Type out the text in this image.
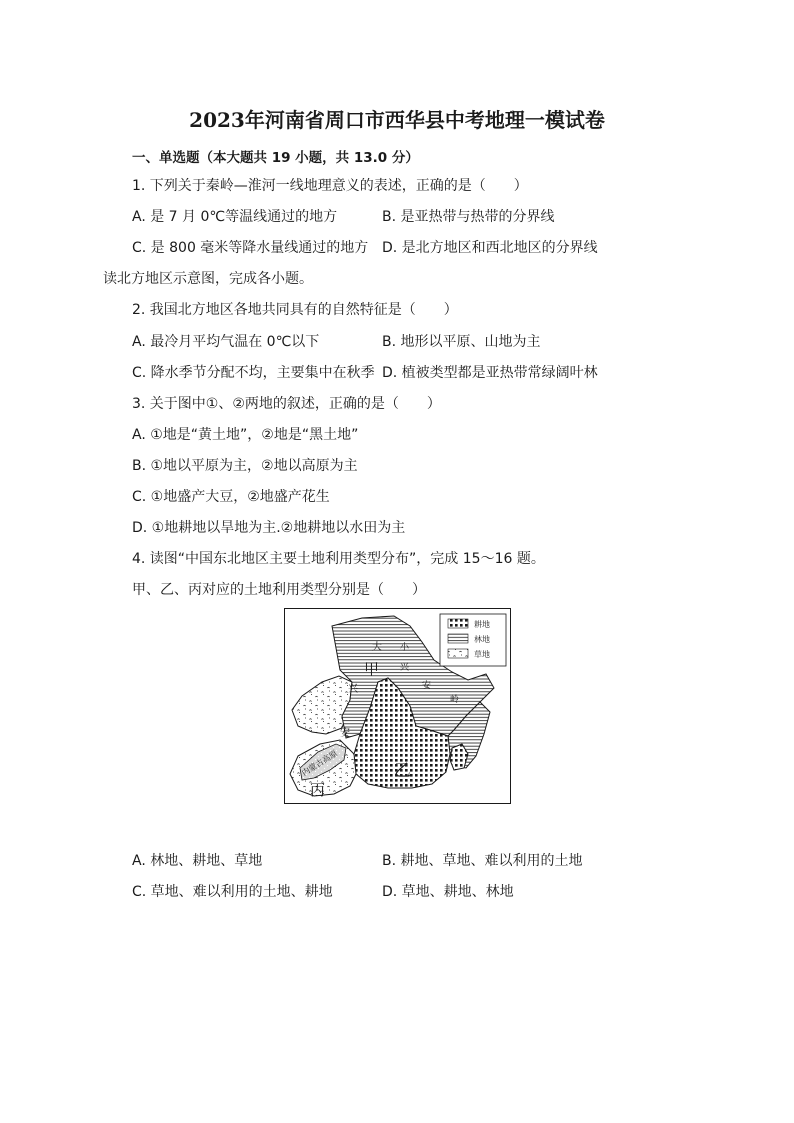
2023年河南省周口市西华县中考地理一模试卷
一、单选题（本大题共 19 小题，共 13.0 分）
1. 下列关于秦岭—淮河一线地理意义的表述，正确的是（　　）
A. 是 7 月 0℃等温线通过的地方	B. 是亚热带与热带的分界线
C. 是 800 毫米等降水量线通过的地方 D. 是北方地区和西北地区的分界线
读北方地区示意图，完成各小题。
2. 我国北方地区各地共同具有的自然特征是（　　）
A. 最冷月平均气温在 0℃以下	B. 地形以平原、山地为主
C. 降水季节分配不均，主要集中在秋季 D. 植被类型都是亚热带常绿阔叶林
3. 关于图中①、②两地的叙述，正确的是（　　）
A. ①地是“黄土地”，②地是“黑土地”
B. ①地以平原为主，②地以高原为主
C. ①地盛产大豆，②地盛产花生
D. ①地耕地以旱地为主.②地耕地以水田为主
4. 读图“中国东北地区主要土地利用类型分布”，完成 15～16 题。
甲、乙、丙对应的土地利用类型分别是（　　）
耕地
林地
草地
甲
乙
丙
大 小
兴
兴	安
岭
安
内蒙古高原
A. 林地、耕地、草地	B. 耕地、草地、难以利用的土地
C. 草地、难以利用的土地、耕地	D. 草地、耕地、林地
